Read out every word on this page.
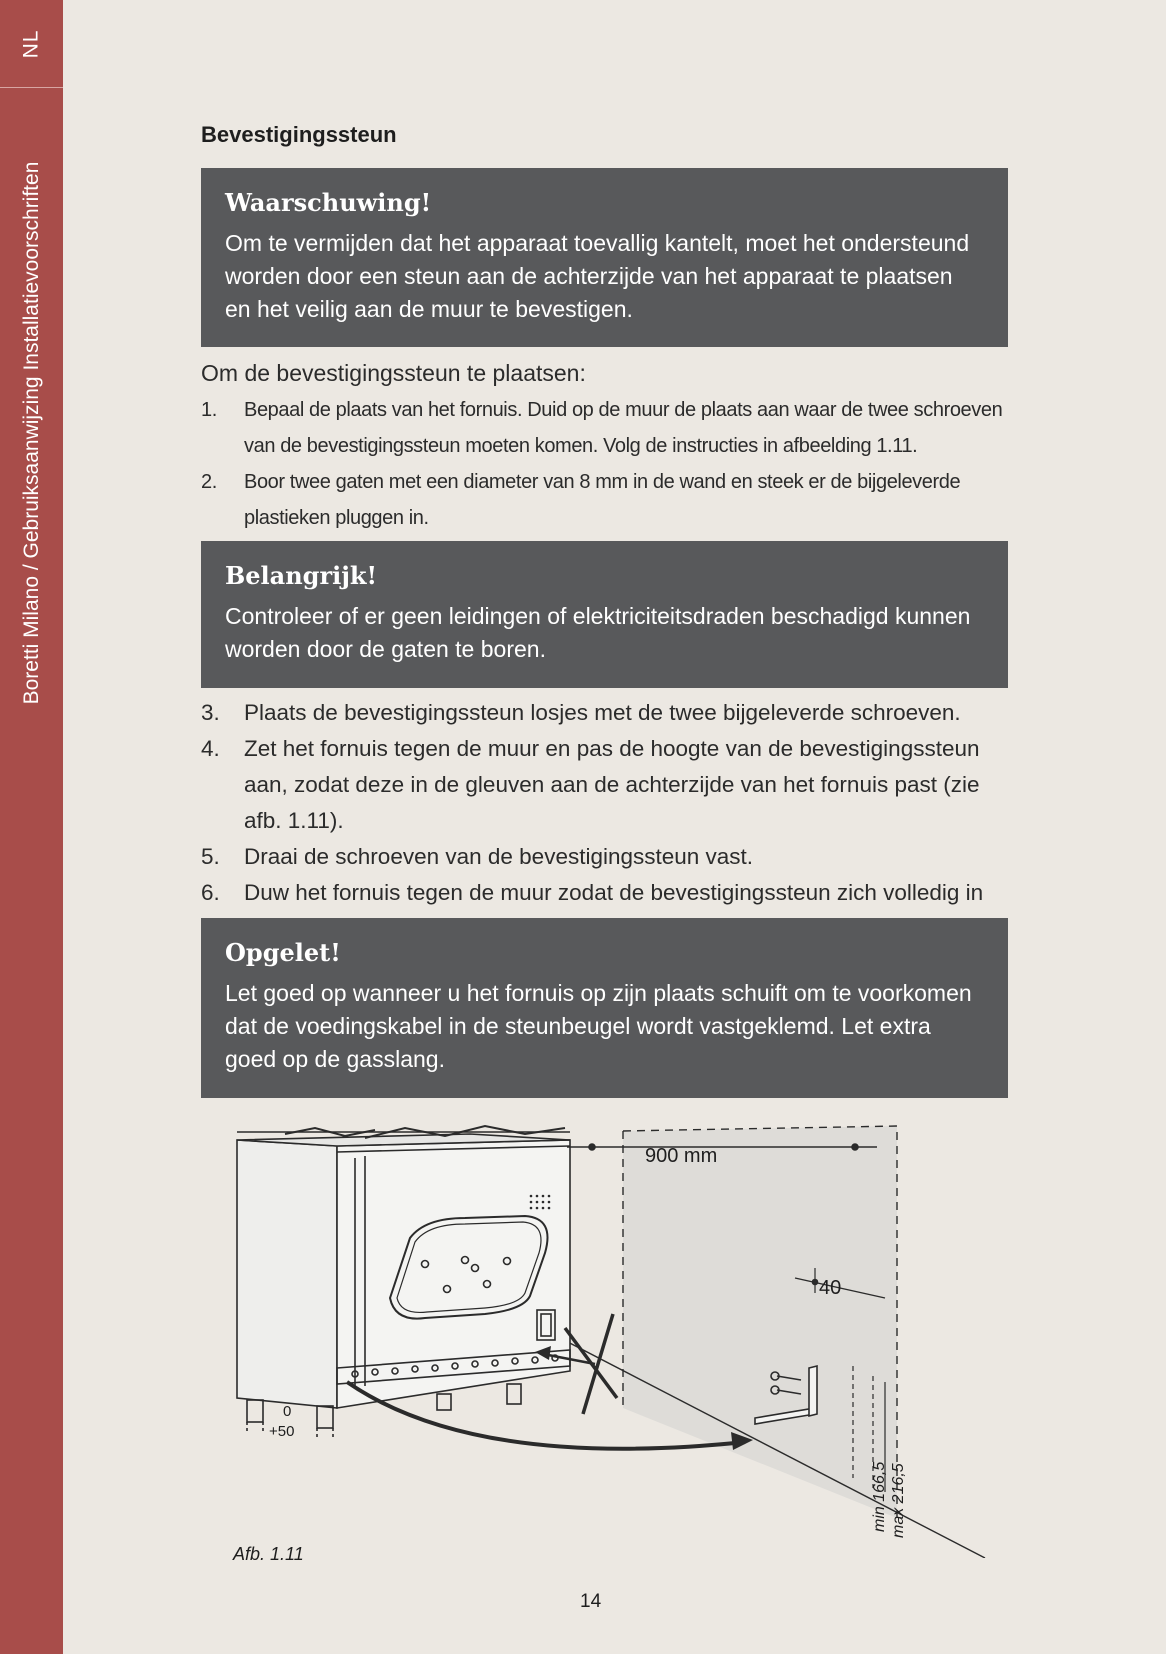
NL
Boretti Milano / Gebruiksaanwijzing Installatievoorschriften
Bevestigingssteun
Waarschuwing!
Om te vermijden dat het apparaat toevallig kantelt, moet het ondersteund worden door een steun aan de achterzijde van het apparaat te plaatsen en het veilig aan de muur te bevestigen.
Om de bevestigingssteun te plaatsen:
1.	Bepaal de plaats van het fornuis. Duid op de muur de plaats aan waar de twee schroeven van de bevestigingssteun moeten komen. Volg de instructies in afbeelding 1.11.
2.	Boor twee gaten met een diameter van 8 mm in de wand en steek er de bijgeleverde plastieken pluggen in.
Belangrijk!
Controleer of er geen leidingen of elektriciteitsdraden beschadigd kunnen worden door de gaten te boren.
3.	Plaats de bevestigingssteun losjes met de twee bijgeleverde schroeven.
4.	Zet het fornuis tegen de muur en pas de hoogte van de bevestigingssteun aan, zodat deze in de gleuven aan de achterzijde van het fornuis past (zie afb. 1.11).
5.	Draai de schroeven van de bevestigingssteun vast.
6.	Duw het fornuis tegen de muur zodat de bevestigingssteun zich volledig in
Opgelet!
Let goed op wanneer u het fornuis op zijn plaats schuift om te voorkomen dat de voedingskabel in de steunbeugel wordt vastgeklemd. Let extra goed op de gasslang.
900 mm
40
0
+50
min 166,5 max 216,5
Afb. 1.11
14
